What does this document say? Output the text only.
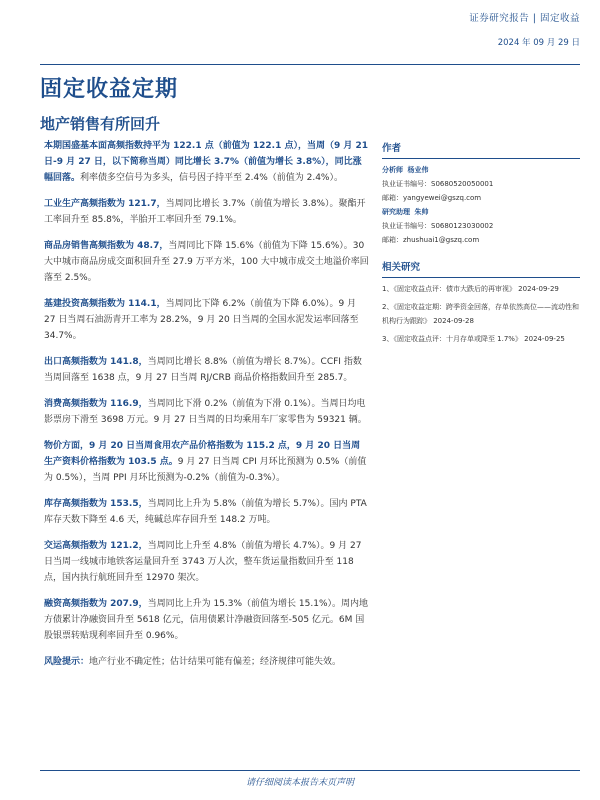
证券研究报告 | 固定收益
2024 年 09 月 29 日
固定收益定期
地产销售有所回升

本期国盛基本面高频指数持平为 122.1 点（前值为 122.1 点），当周（9 月 21 日-9 月 27 日，以下简称当周）同比增长 3.7%（前值为增长 3.8%），同比涨幅回落。利率债多空信号为多头，信号因子持平至 2.4%（前值为 2.4%）。

工业生产高频指数为 121.7，当周同比增长 3.7%（前值为增长 3.8%）。聚酯开工率回升至 85.8%，半胎开工率回升至 79.1%。

商品房销售高频指数为 48.7，当周同比下降 15.6%（前值为下降 15.6%）。30 大中城市商品房成交面积回升至 27.9 万平方米，100 大中城市成交土地溢价率回落至 2.5%。

基建投资高频指数为 114.1，当周同比下降 6.2%（前值为下降 6.0%）。9 月 27 日当周石油沥青开工率为 28.2%，9 月 20 日当周的全国水泥发运率回落至 34.7%。

出口高频指数为 141.8，当周同比增长 8.8%（前值为增长 8.7%）。CCFI 指数当周回落至 1638 点，9 月 27 日当周 RJ/CRB 商品价格指数回升至 285.7。

消费高频指数为 116.9，当周同比下滑 0.2%（前值为下滑 0.1%）。当周日均电影票房下滑至 3698 万元。9 月 27 日当周的日均乘用车厂家零售为 59321 辆。

物价方面，9 月 20 日当周食用农产品价格指数为 115.2 点，9 月 20 日当周生产资料价格指数为 103.5 点。9 月 27 日当周 CPI 月环比预测为 0.5%（前值为 0.5%），当周 PPI 月环比预测为-0.2%（前值为-0.3%）。

库存高频指数为 153.5，当周同比上升为 5.8%（前值为增长 5.7%）。国内 PTA 库存天数下降至 4.6 天，纯碱总库存回升至 148.2 万吨。

交运高频指数为 121.2，当周同比上升至 4.8%（前值为增长 4.7%）。9 月 27 日当周一线城市地铁客运量回升至 3743 万人次，整车货运量指数回升至 118 点，国内执行航班回升至 12970 架次。

融资高频指数为 207.9，当周同比上升为 15.3%（前值为增长 15.1%）。周内地方债累计净融资回升至 5618 亿元，信用债累计净融资回落至-505 亿元。6M 国股银票转贴现利率回升至 0.96%。

风险提示：地产行业不确定性；估计结果可能有偏差；经济规律可能失效。

作者
分析师 杨业伟
执业证书编号：S0680520050001
邮箱：yangyewei@gszq.com
研究助理 朱帅
执业证书编号：S0680123030002
邮箱：zhushuai1@gszq.com
相关研究
1、《固定收益点评：债市大跌后的再审视》 2024-09-29
2、《固定收益定期：跨季资金回落，存单依然高位——流动性和机构行为跟踪》 2024-09-28
3、《固定收益点评：十月存单或降至 1.7%》 2024-09-25
请仔细阅读本报告末页声明
